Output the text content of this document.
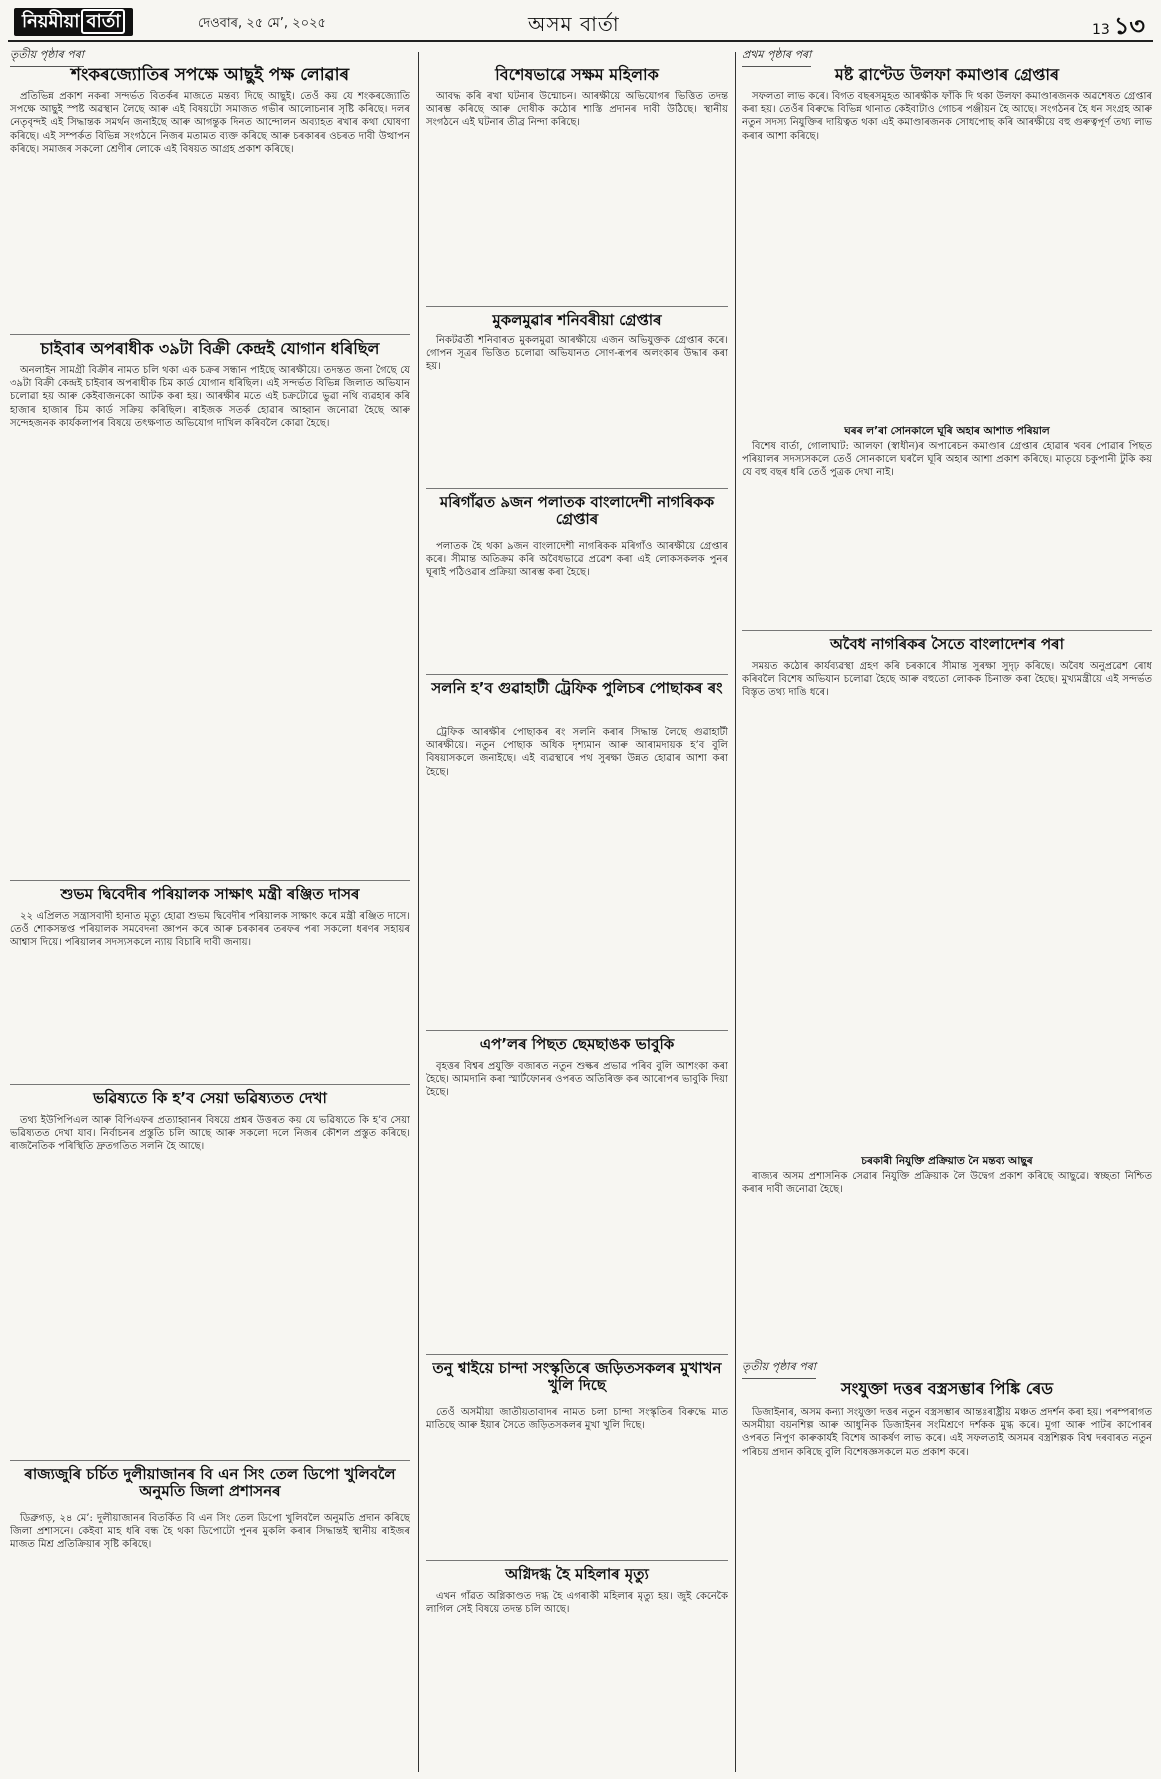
নিয়মীয়া বাৰ্তা	দেওবাৰ, ২৫ মে’, ২০২৫	অসম বাৰ্তা	13 ১৩
তৃতীয় পৃষ্ঠাৰ পৰা	প্ৰথম পৃষ্ঠাৰ পৰা
তৃতীয় পৃষ্ঠাৰ পৰা
শংকৰজ্যোতিৰ সপক্ষে আছুই পক্ষ লোৱাৰ

প্ৰতিভিন্ন প্ৰকাশ নকৰা সন্দৰ্ভত বিতৰ্কৰ মাজতে মন্তব্য দিছে আছুই। তেওঁ কয় যে শংকৰজ্যোতি সপক্ষে আছুই স্পষ্ট অৱস্থান লৈছে আৰু এই বিষয়টো সমাজত গভীৰ আলোচনাৰ সৃষ্টি কৰিছে। দলৰ নেতৃবৃন্দই এই সিদ্ধান্তক সমৰ্থন জনাইছে আৰু আগন্তুক দিনত আন্দোলন অব্যাহত ৰখাৰ কথা ঘোষণা কৰিছে। এই সম্পৰ্কত বিভিন্ন সংগঠনে নিজৰ মতামত ব্যক্ত কৰিছে আৰু চৰকাৰৰ ওচৰত দাবী উত্থাপন কৰিছে। সমাজৰ সকলো শ্ৰেণীৰ লোকে এই বিষয়ত আগ্ৰহ প্ৰকাশ কৰিছে।

চাইবাৰ অপৰাধীক ৩৯টা বিক্ৰী কেন্দ্ৰই যোগান ধৰিছিল

অনলাইন সামগ্ৰী বিক্ৰীৰ নামত চলি থকা এক চক্ৰৰ সন্ধান পাইছে আৰক্ষীয়ে। তদন্তত জনা গৈছে যে ৩৯টা বিক্ৰী কেন্দ্ৰই চাইবাৰ অপৰাধীক চিম কাৰ্ড যোগান ধৰিছিল। এই সন্দৰ্ভত বিভিন্ন জিলাত অভিযান চলোৱা হয় আৰু কেইবাজনকো আটক কৰা হয়। আৰক্ষীৰ মতে এই চক্ৰটোৱে ভুৱা নথি ব্যৱহাৰ কৰি হাজাৰ হাজাৰ চিম কাৰ্ড সক্ৰিয় কৰিছিল। ৰাইজক সতৰ্ক হোৱাৰ আহ্বান জনোৱা হৈছে আৰু সন্দেহজনক কাৰ্যকলাপৰ বিষয়ে তৎক্ষণাত অভিযোগ দাখিল কৰিবলৈ কোৱা হৈছে।

শুভম দ্বিবেদীৰ পৰিয়ালক সাক্ষাৎ মন্ত্ৰী ৰঞ্জিত দাসৰ

২২ এপ্ৰিলত সন্ত্ৰাসবাদী হানাত মৃত্যু হোৱা শুভম দ্বিবেদীৰ পৰিয়ালক সাক্ষাৎ কৰে মন্ত্ৰী ৰঞ্জিত দাসে। তেওঁ শোকসন্তপ্ত পৰিয়ালক সমবেদনা জ্ঞাপন কৰে আৰু চৰকাৰৰ তৰফৰ পৰা সকলো ধৰণৰ সহায়ৰ আশ্বাস দিয়ে। পৰিয়ালৰ সদস্যসকলে ন্যায় বিচাৰি দাবী জনায়।

ভৱিষ্যতে কি হ’ব সেয়া ভৱিষ্যতত দেখা

তথ্য ইউপিপিএল আৰু বিপিএফৰ প্ৰত্যাহ্বানৰ বিষয়ে প্ৰশ্নৰ উত্তৰত কয় যে ভৱিষ্যতে কি হ’ব সেয়া ভৱিষ্যতত দেখা যাব। নিৰ্বাচনৰ প্ৰস্তুতি চলি আছে আৰু সকলো দলে নিজৰ কৌশল প্ৰস্তুত কৰিছে। ৰাজনৈতিক পৰিস্থিতি দ্ৰুতগতিত সলনি হৈ আছে।

ৰাজ্যজুৰি চৰ্চিত দুলীয়াজানৰ বি এন সিং তেল ডিপো খুলিবলৈ অনুমতি জিলা প্ৰশাসনৰ

ডিব্ৰুগড়, ২৪ মে’: দুলীয়াজানৰ বিতৰ্কিত বি এন সিং তেল ডিপো খুলিবলৈ অনুমতি প্ৰদান কৰিছে জিলা প্ৰশাসনে। কেইবা মাহ ধৰি বন্ধ হৈ থকা ডিপোটো পুনৰ মুকলি কৰাৰ সিদ্ধান্তই স্থানীয় ৰাইজৰ মাজত মিশ্ৰ প্ৰতিক্ৰিয়াৰ সৃষ্টি কৰিছে।

বিশেষভাৱে সক্ষম মহিলাক

আবদ্ধ কৰি ৰখা ঘটনাৰ উন্মোচন। আৰক্ষীয়ে অভিযোগৰ ভিত্তিত তদন্ত আৰম্ভ কৰিছে আৰু দোষীক কঠোৰ শাস্তি প্ৰদানৰ দাবী উঠিছে। স্থানীয় সংগঠনে এই ঘটনাৰ তীব্ৰ নিন্দা কৰিছে।

মুকলমুৱাৰ শনিবৰীয়া গ্ৰেপ্তাৰ

নিকটৱৰ্তী শনিবাৰত মুকলমুৱা আৰক্ষীয়ে এজন অভিযুক্তক গ্ৰেপ্তাৰ কৰে। গোপন সূত্ৰৰ ভিত্তিত চলোৱা অভিযানত সোণ-ৰূপৰ অলংকাৰ উদ্ধাৰ কৰা হয়।

মৰিগাঁৱত ৯জন পলাতক বাংলাদেশী নাগৰিকক গ্ৰেপ্তাৰ

পলাতক হৈ থকা ৯জন বাংলাদেশী নাগৰিকক মৰিগাঁও আৰক্ষীয়ে গ্ৰেপ্তাৰ কৰে। সীমান্ত অতিক্ৰম কৰি অবৈধভাৱে প্ৰৱেশ কৰা এই লোকসকলক পুনৰ ঘূৰাই পঠিওৱাৰ প্ৰক্ৰিয়া আৰম্ভ কৰা হৈছে।

সলনি হ’ব গুৱাহাটী ট্ৰেফিক পুলিচৰ পোছাকৰ ৰং

ট্ৰেফিক আৰক্ষীৰ পোছাকৰ ৰং সলনি কৰাৰ সিদ্ধান্ত লৈছে গুৱাহাটী আৰক্ষীয়ে। নতুন পোছাক অধিক দৃশ্যমান আৰু আৰামদায়ক হ’ব বুলি বিষয়াসকলে জনাইছে। এই ব্যৱস্থাৰে পথ সুৰক্ষা উন্নত হোৱাৰ আশা কৰা হৈছে।

এপ’লৰ পিছত ছেমছাঙক ভাবুকি

বৃহত্তৰ বিশ্বৰ প্ৰযুক্তি বজাৰত নতুন শুল্কৰ প্ৰভাৱ পৰিব বুলি আশংকা কৰা হৈছে। আমদানি কৰা স্মাৰ্টফোনৰ ওপৰত অতিৰিক্ত কৰ আৰোপৰ ভাবুকি দিয়া হৈছে।

তনু শ্বাইয়ে চান্দা সংস্কৃতিৰে জড়িতসকলৰ মুখাখন খুলি দিছে

তেওঁ অসমীয়া জাতীয়তাবাদৰ নামত চলা চান্দা সংস্কৃতিৰ বিৰুদ্ধে মাত মাতিছে আৰু ইয়াৰ সৈতে জড়িতসকলৰ মুখা খুলি দিছে।

অগ্নিদগ্ধ হৈ মহিলাৰ মৃত্যু

এখন গাঁৱত অগ্নিকাণ্ডত দগ্ধ হৈ এগৰাকী মহিলাৰ মৃত্যু হয়। জুই কেনেকৈ লাগিল সেই বিষয়ে তদন্ত চলি আছে।

মষ্ট ৱাণ্টেড উলফা কমাণ্ডাৰ গ্ৰেপ্তাৰ

সফলতা লাভ কৰে। বিগত বছৰসমূহত আৰক্ষীক ফাঁকি দি থকা উলফা কমাণ্ডাৰজনক অৱশেষত গ্ৰেপ্তাৰ কৰা হয়। তেওঁৰ বিৰুদ্ধে বিভিন্ন থানাত কেইবাটাও গোচৰ পঞ্জীয়ন হৈ আছে। সংগঠনৰ হৈ ধন সংগ্ৰহ আৰু নতুন সদস্য নিযুক্তিৰ দায়িত্বত থকা এই কমাণ্ডাৰজনক সোধপোছ কৰি আৰক্ষীয়ে বহু গুৰুত্বপূৰ্ণ তথ্য লাভ কৰাৰ আশা কৰিছে।

ঘৰৰ ল’ৰা সোনকালে ঘূৰি অহাৰ আশাত পৰিয়াল

বিশেষ বাৰ্তা, গোলাঘাট: আলফা (স্বাধীন)ৰ অপাৰেচন কমাণ্ডাৰ গ্ৰেপ্তাৰ হোৱাৰ খবৰ পোৱাৰ পিছত পৰিয়ালৰ সদস্যসকলে তেওঁ সোনকালে ঘৰলৈ ঘূৰি অহাৰ আশা প্ৰকাশ কৰিছে। মাতৃয়ে চকুপানী টুকি কয় যে বহু বছৰ ধৰি তেওঁ পুত্ৰক দেখা নাই।

অবৈধ নাগৰিকৰ সৈতে বাংলাদেশৰ পৰা

সময়ত কঠোৰ কাৰ্যব্যৱস্থা গ্ৰহণ কৰি চৰকাৰে সীমান্ত সুৰক্ষা সুদৃঢ় কৰিছে। অবৈধ অনুপ্ৰৱেশ ৰোধ কৰিবলৈ বিশেষ অভিযান চলোৱা হৈছে আৰু বহুতো লোকক চিনাক্ত কৰা হৈছে। মুখ্যমন্ত্ৰীয়ে এই সন্দৰ্ভত বিস্তৃত তথ্য দাঙি ধৰে।

চৰকাৰী নিযুক্তি প্ৰক্ৰিয়াত নৈ মন্তব্য আছুৰ

ৰাজ্যৰ অসম প্ৰশাসনিক সেৱাৰ নিযুক্তি প্ৰক্ৰিয়াক লৈ উদ্বেগ প্ৰকাশ কৰিছে আছুৱে। স্বচ্ছতা নিশ্চিত কৰাৰ দাবী জনোৱা হৈছে।

সংযুক্তা দত্তৰ বস্ত্ৰসম্ভাৰ পিঙ্কি ৰেড

ডিজাইনাৰ, অসম কন্যা সংযুক্তা দত্তৰ নতুন বস্ত্ৰসম্ভাৰ আন্তঃৰাষ্ট্ৰীয় মঞ্চত প্ৰদৰ্শন কৰা হয়। পৰম্পৰাগত অসমীয়া বয়নশিল্প আৰু আধুনিক ডিজাইনৰ সংমিশ্ৰণে দৰ্শকক মুগ্ধ কৰে। মুগা আৰু পাটৰ কাপোৰৰ ওপৰত নিপুণ কাৰুকাৰ্যই বিশেষ আকৰ্ষণ লাভ কৰে। এই সফলতাই অসমৰ বস্ত্ৰশিল্পক বিশ্ব দৰবাৰত নতুন পৰিচয় প্ৰদান কৰিছে বুলি বিশেষজ্ঞসকলে মত প্ৰকাশ কৰে।
